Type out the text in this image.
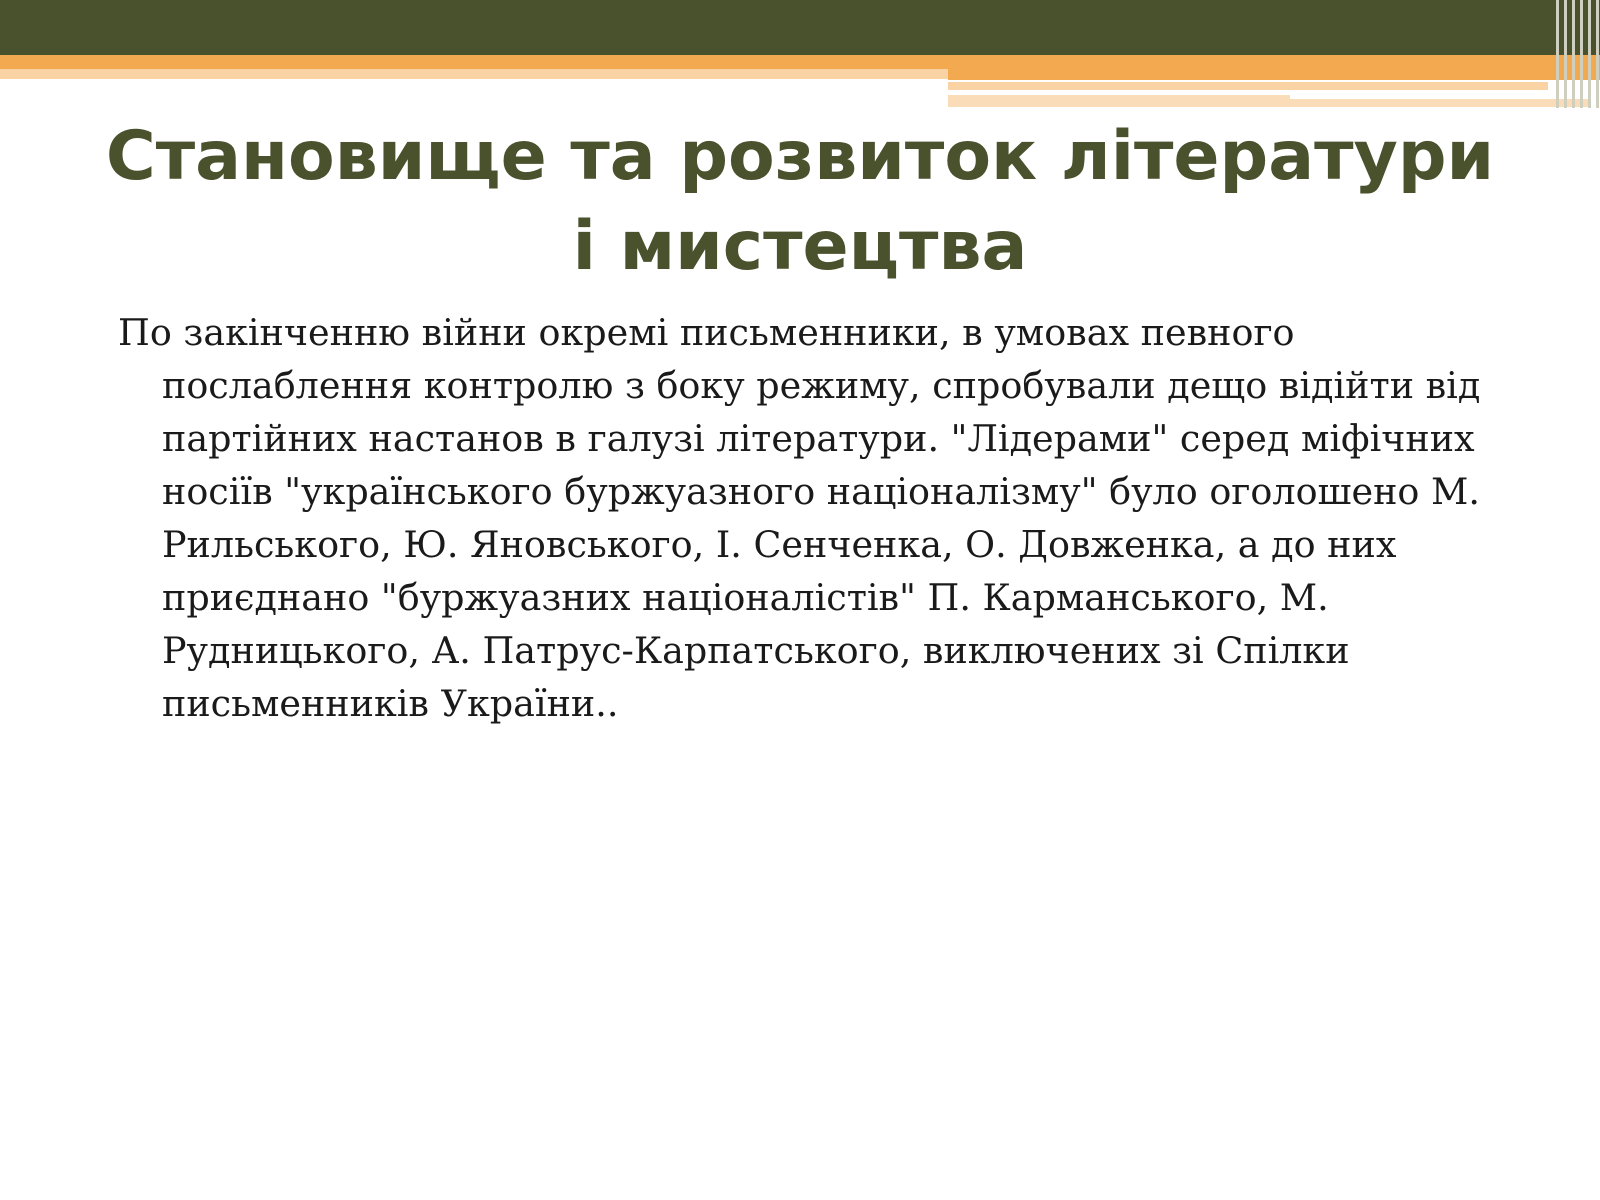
Становище та розвиток літератури і мистецтва

По закінченню війни окремі письменники, в умовах певного послаблення контролю з боку режиму, спробували дещо відійти від партійних настанов в галузі літератури. "Лідерами" серед міфічних носіїв "українського буржуазного націоналізму" було оголошено М. Рильського, Ю. Яновського, І. Сенченка, О. Довженка, а до них приєднано "буржуазних націоналістів" П. Карманського, М. Рудницького, А. Патрус-Карпатського, виключених зі Спілки письменників України..
